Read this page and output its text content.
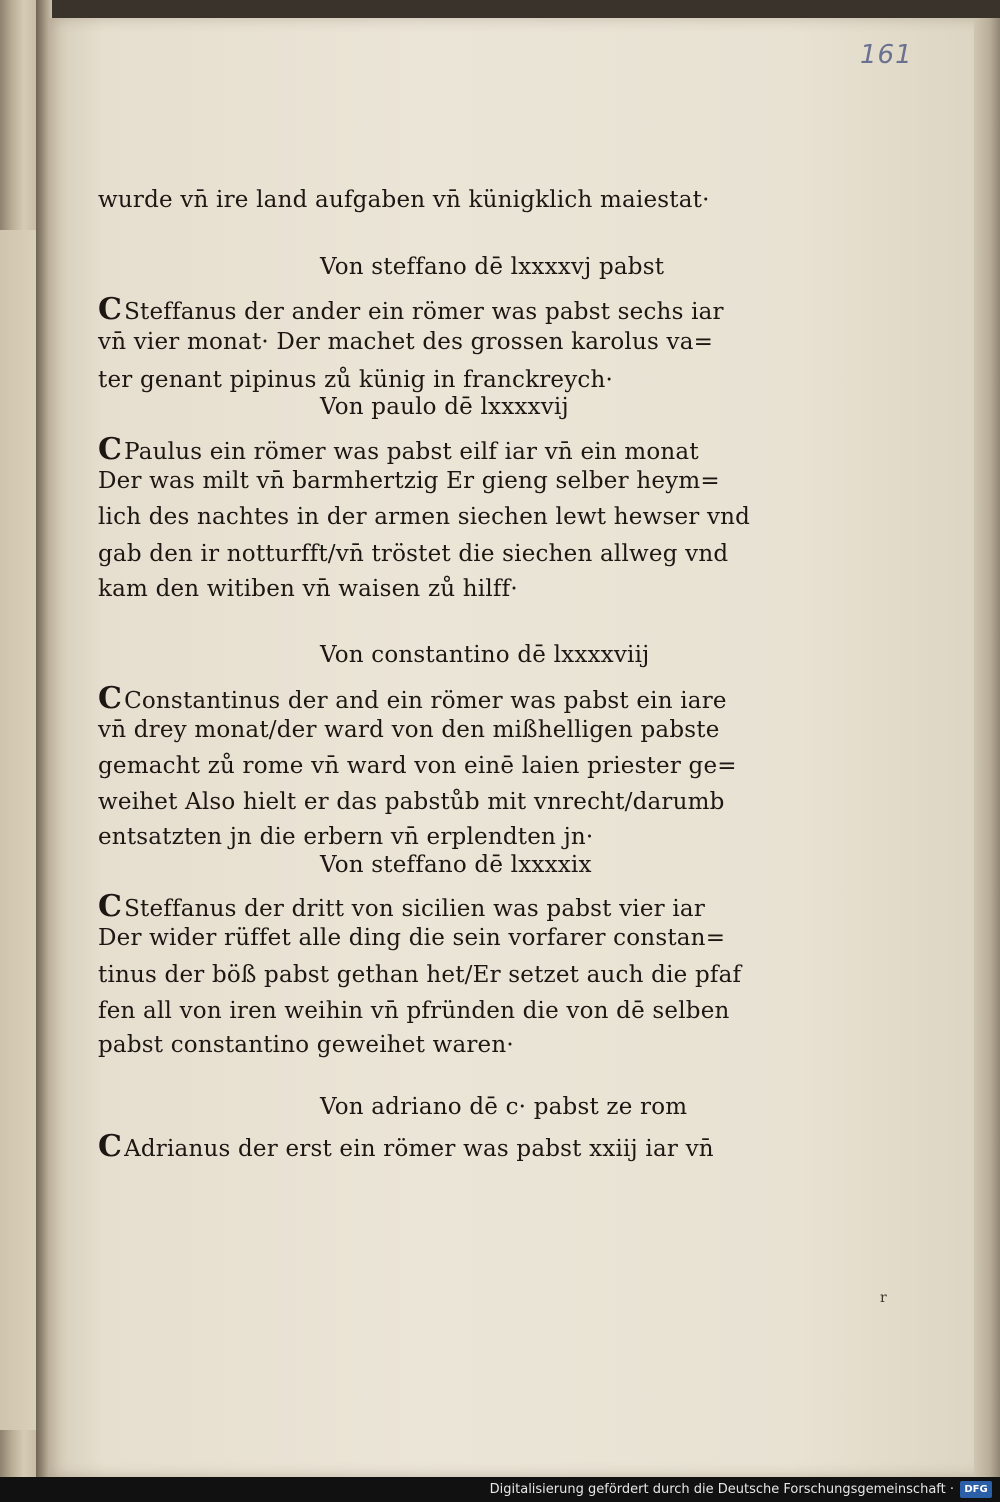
161
wurde vn̄ ire land aufgaben vn̄ künigklich maiestat·
Von steffano dē lxxxxvj pabst
CSteffanus der ander ein römer was pabst sechs iar
vn̄ vier monat· Der machet des grossen karolus va=
ter genant pipinus zů künig in franckreych·
Von paulo dē lxxxxvij
CPaulus ein römer was pabst eilf iar vn̄ ein monat
Der was milt vn̄ barmhertzig Er gieng selber heym=
lich des nachtes in der armen siechen lewt hewser vnd
gab den ir notturfft/vn̄ tröstet die siechen allweg vnd
kam den witiben vn̄ waisen zů hilff·
Von constantino dē lxxxxviij
CConstantinus der and ein römer was pabst ein iare
vn̄ drey monat/der ward von den mißhelligen pabste
gemacht zů rome vn̄ ward von einē laien priester ge=
weihet Also hielt er das pabstůb mit vnrecht/darumb
entsatzten jn die erbern vn̄ erplendten jn·
Von steffano dē lxxxxix
CSteffanus der dritt von sicilien was pabst vier iar
Der wider rüffet alle ding die sein vorfarer constan=
tinus der böß pabst gethan het/Er setzet auch die pfaf
fen all von iren weihin vn̄ pfründen die von dē selben
pabst constantino geweihet waren·
Von adriano dē c· pabst ze rom
CAdrianus der erst ein römer was pabst xxiij iar vn̄
r
Digitalisierung gefördert durch die Deutsche Forschungsgemeinschaft ·	DFG
